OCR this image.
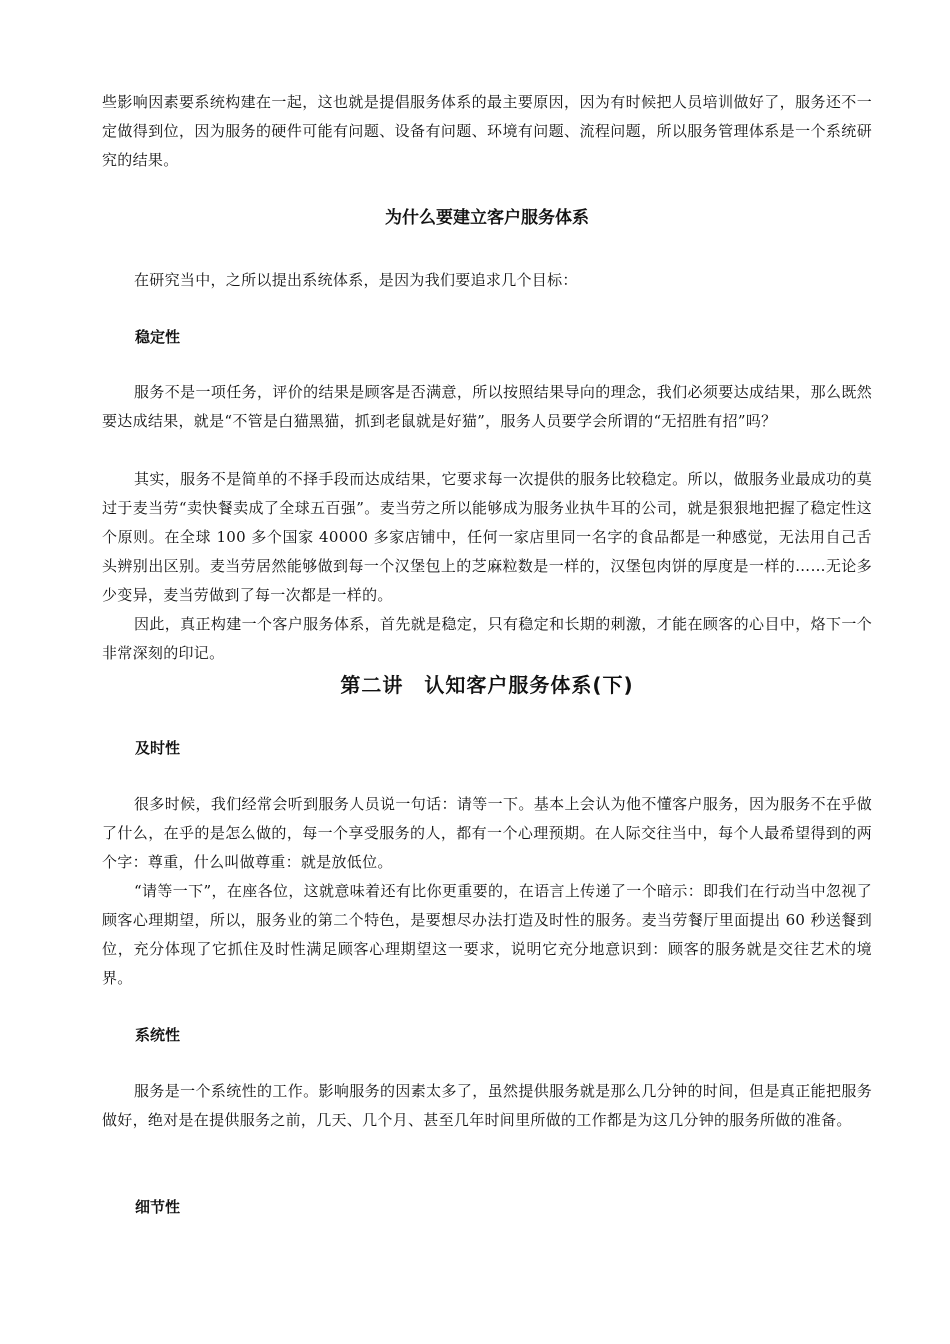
些影响因素要系统构建在一起，这也就是提倡服务体系的最主要原因，因为有时候把人员培训做好了，服务还不一定做得到位，因为服务的硬件可能有问题、设备有问题、环境有问题、流程问题，所以服务管理体系是一个系统研究的结果。

为什么要建立客户服务体系

在研究当中，之所以提出系统体系，是因为我们要追求几个目标：

稳定性

服务不是一项任务，评价的结果是顾客是否满意，所以按照结果导向的理念，我们必须要达成结果，那么既然要达成结果，就是“不管是白猫黑猫，抓到老鼠就是好猫”，服务人员要学会所谓的“无招胜有招”吗？

其实，服务不是简单的不择手段而达成结果，它要求每一次提供的服务比较稳定。所以，做服务业最成功的莫过于麦当劳“卖快餐卖成了全球五百强”。麦当劳之所以能够成为服务业执牛耳的公司，就是狠狠地把握了稳定性这个原则。在全球 100 多个国家 40000 多家店铺中，任何一家店里同一名字的食品都是一种感觉，无法用自己舌头辨别出区别。麦当劳居然能够做到每一个汉堡包上的芝麻粒数是一样的，汉堡包肉饼的厚度是一样的……无论多少变异，麦当劳做到了每一次都是一样的。

因此，真正构建一个客户服务体系，首先就是稳定，只有稳定和长期的刺激，才能在顾客的心目中，烙下一个非常深刻的印记。

第二讲　认知客户服务体系(下)
及时性

很多时候，我们经常会听到服务人员说一句话：请等一下。基本上会认为他不懂客户服务，因为服务不在乎做了什么，在乎的是怎么做的，每一个享受服务的人，都有一个心理预期。在人际交往当中，每个人最希望得到的两个字：尊重，什么叫做尊重：就是放低位。

“请等一下”，在座各位，这就意味着还有比你更重要的，在语言上传递了一个暗示：即我们在行动当中忽视了顾客心理期望，所以，服务业的第二个特色，是要想尽办法打造及时性的服务。麦当劳餐厅里面提出 60 秒送餐到位，充分体现了它抓住及时性满足顾客心理期望这一要求，说明它充分地意识到：顾客的服务就是交往艺术的境界。

系统性

服务是一个系统性的工作。影响服务的因素太多了，虽然提供服务就是那么几分钟的时间，但是真正能把服务做好，绝对是在提供服务之前，几天、几个月、甚至几年时间里所做的工作都是为这几分钟的服务所做的准备。

细节性
